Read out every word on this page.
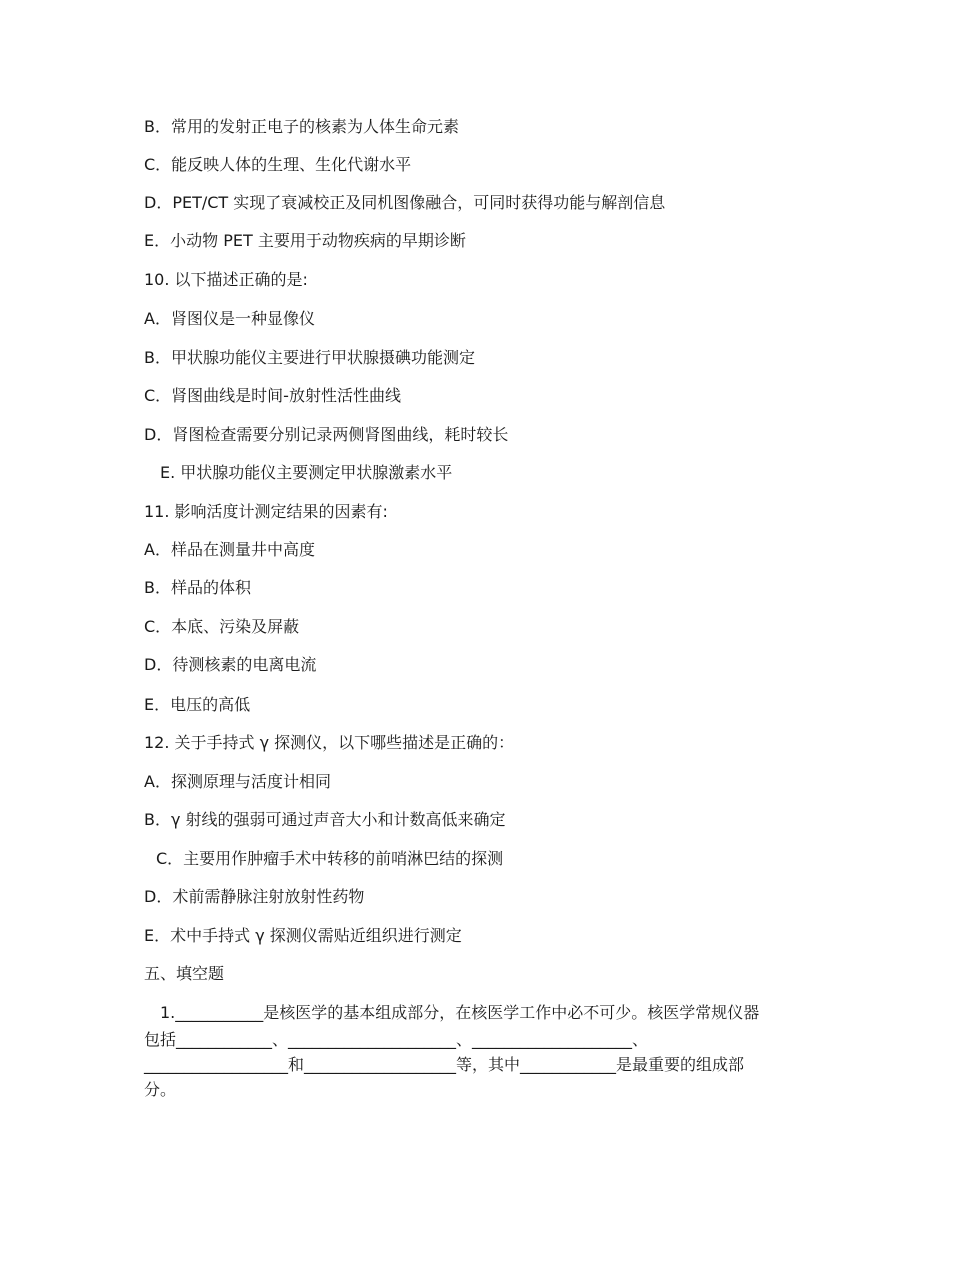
B．常用的发射正电子的核素为人体生命元素
C．能反映人体的生理、生化代谢水平
D．PET/CT 实现了衰减校正及同机图像融合，可同时获得功能与解剖信息
E．小动物 PET 主要用于动物疾病的早期诊断
10. 以下描述正确的是:
A．肾图仪是一种显像仪
B．甲状腺功能仪主要进行甲状腺摄碘功能测定
C．肾图曲线是时间-放射性活性曲线
D．肾图检查需要分别记录两侧肾图曲线，耗时较长
E. 甲状腺功能仪主要测定甲状腺激素水平
11. 影响活度计测定结果的因素有:
A．样品在测量井中高度
B．样品的体积
C．本底、污染及屏蔽
D．待测核素的电离电流
E．电压的高低
12. 关于手持式 γ 探测仪，以下哪些描述是正确的：
A．探测原理与活度计相同
B．γ 射线的强弱可通过声音大小和计数高低来确定
C．主要用作肿瘤手术中转移的前哨淋巴结的探测
D．术前需静脉注射放射性药物
E．术中手持式 γ 探测仪需贴近组织进行测定
五、填空题
1.___________是核医学的基本组成部分，在核医学工作中必不可少。核医学常规仪器
包括____________、_____________________、____________________、
__________________和___________________等，其中____________是最重要的组成部
分。
